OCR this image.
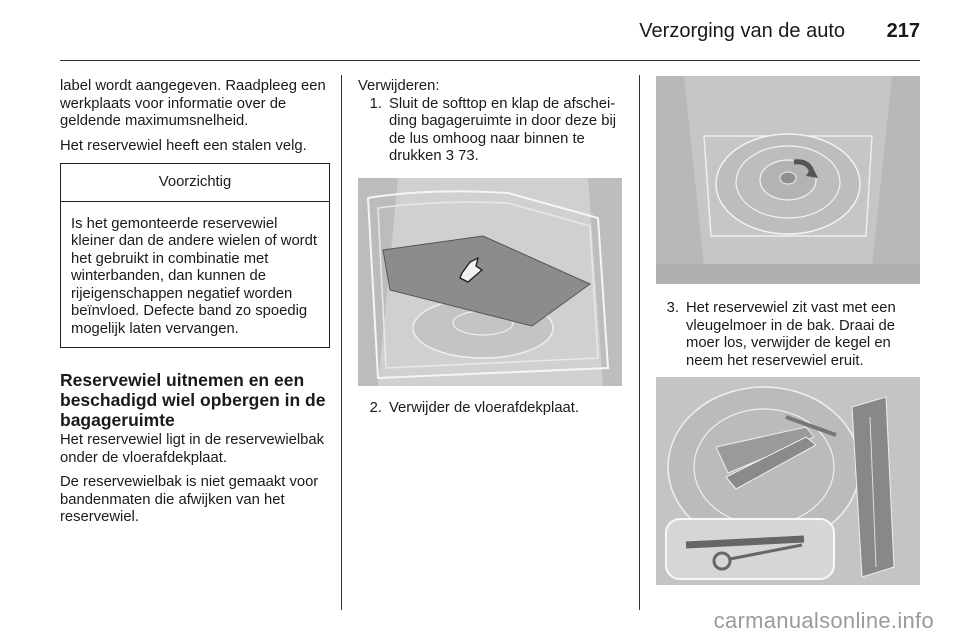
Verzorging van de auto 217

label wordt aangegeven. Raadpleeg een werkplaats voor informatie over de geldende maximumsnelheid.

Het reservewiel heeft een stalen velg.

Voorzichtig
Is het gemonteerde reservewiel kleiner dan de andere wielen of wordt het gebruikt in combinatie met winterbanden, dan kunnen de rijeigenschappen negatief worden beïnvloed. Defecte band zo spoedig mogelijk laten vervangen.
Reservewiel uitnemen en een beschadigd wiel opbergen in de bagageruimte

Het reservewiel ligt in de reservewielbak onder de vloerafdekplaat.

De reservewielbak is niet gemaakt voor bandenmaten die afwijken van het reservewiel.

Verwijderen:

1. Sluit de softtop en klap de afscheiding bagageruimte in door deze bij de lus omhoog naar binnen te drukken 3 73.
2. Verwijder de vloerafdekplaat.
3. Het reservewiel zit vast met een vleugelmoer in de bak. Draai de moer los, verwijder de kegel en neem het reservewiel eruit.
carmanualsonline.info
